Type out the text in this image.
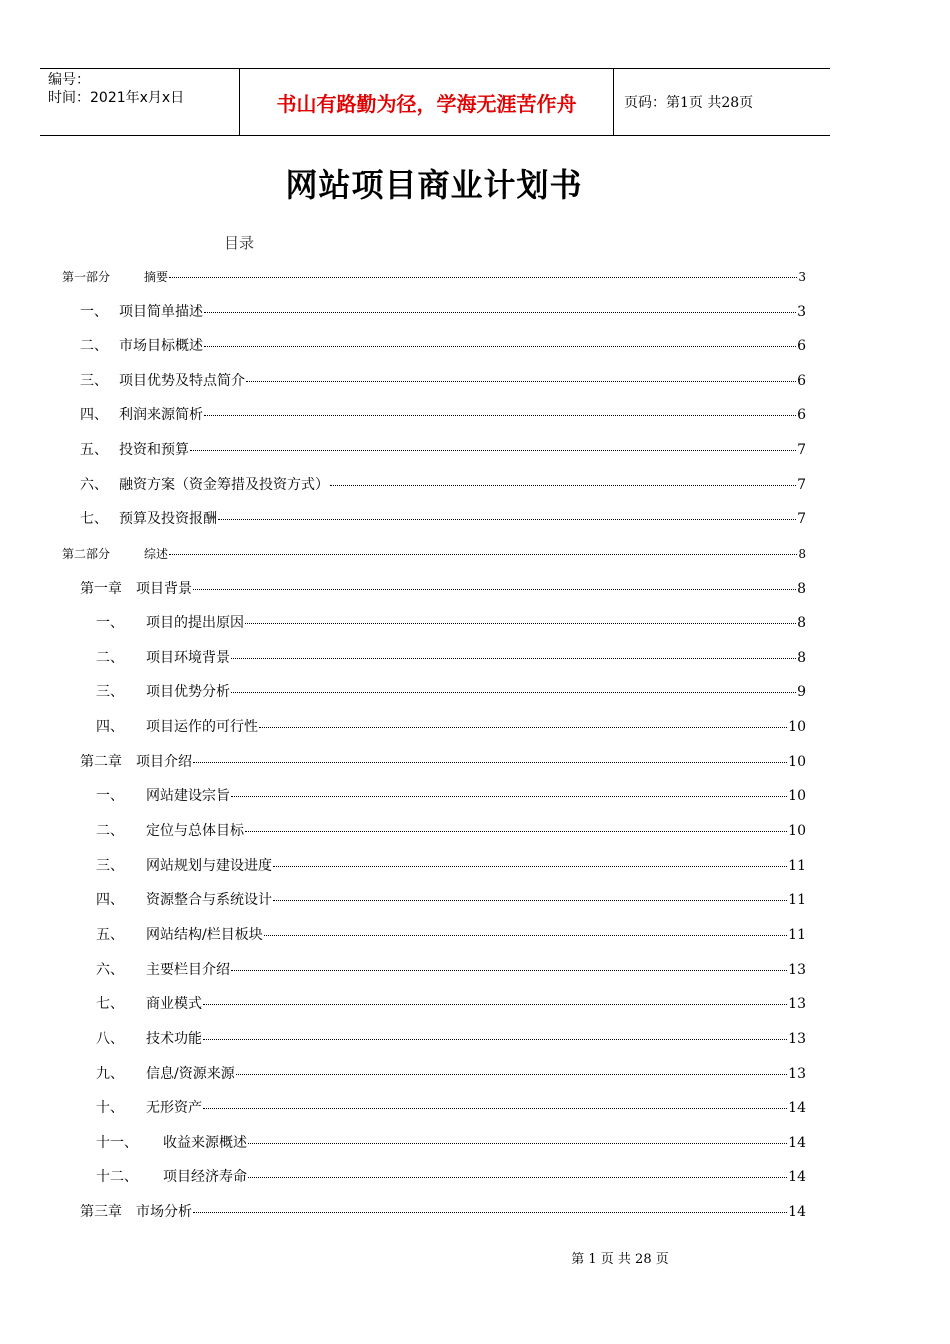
编号：
时间：2021年x月x日	书山有路勤为径，学海无涯苦作舟	页码：第1页 共28页
网站项目商业计划书
目录
第一部分	摘要	3
一、 项目简单描述	3
二、 市场目标概述	6
三、 项目优势及特点简介	6
四、 利润来源简析	6
五、 投资和预算	7
六、 融资方案（资金筹措及投资方式）	7
七、 预算及投资报酬	7
第二部分	综述	8
第一章	项目背景	8
一、	项目的提出原因	8
二、	项目环境背景	8
三、	项目优势分析	9
四、	项目运作的可行性	10
第二章	项目介绍	10
一、	网站建设宗旨	10
二、	定位与总体目标	10
三、	网站规划与建设进度	11
四、	资源整合与系统设计	11
五、	网站结构/栏目板块	11
六、	主要栏目介绍	13
七、	商业模式	13
八、	技术功能	13
九、	信息/资源来源	13
十、	无形资产	14
十一、	收益来源概述	14
十二、	项目经济寿命	14
第三章	市场分析	14
第 1 页 共 28 页
